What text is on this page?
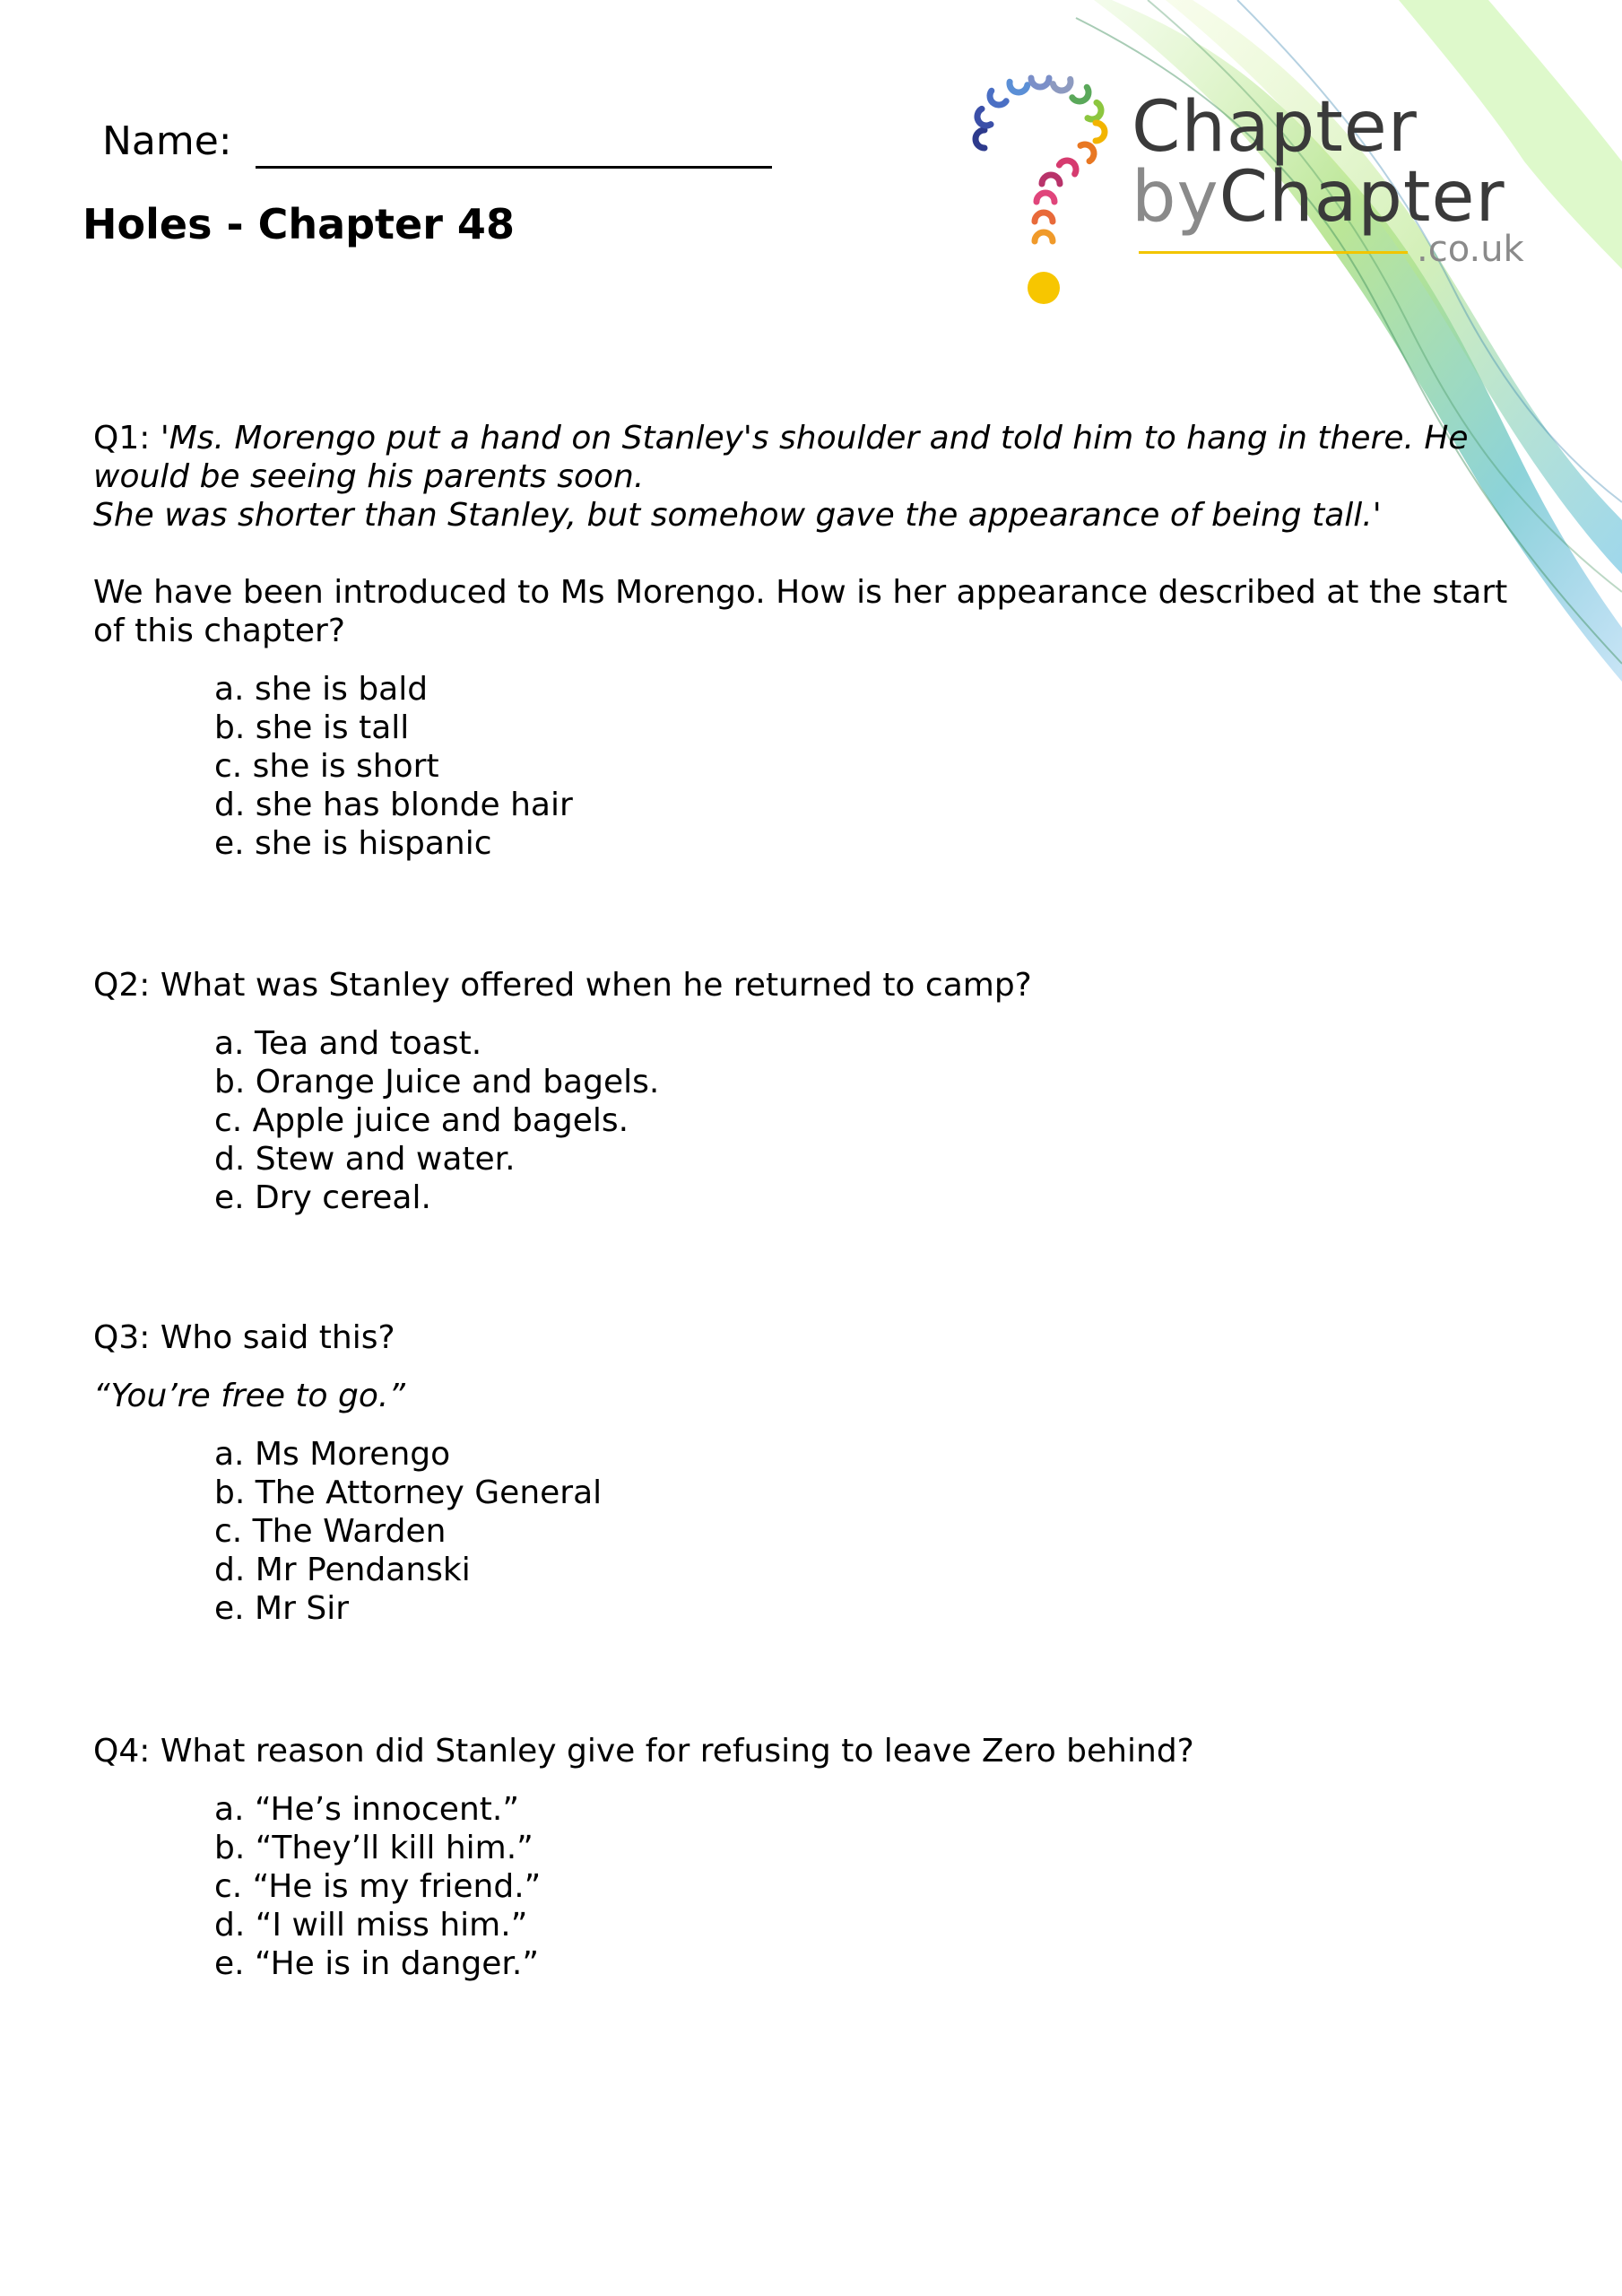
Name:
Holes - Chapter 48
Chapter
byChapter
.co.uk

Q1: 'Ms. Morengo put a hand on Stanley's shoulder and told him to hang in there. He

would be seeing his parents soon.

She was shorter than Stanley, but somehow gave the appearance of being tall.'

We have been introduced to Ms Morengo. How is her appearance described at the start

of this chapter?

a. she is bald
b. she is tall
c. she is short
d. she has blonde hair
e. she is hispanic

Q2: What was Stanley offered when he returned to camp?

a. Tea and toast.
b. Orange Juice and bagels.
c. Apple juice and bagels.
d. Stew and water.
e. Dry cereal.

Q3: Who said this?

“You’re free to go.”

a. Ms Morengo
b. The Attorney General
c. The Warden
d. Mr Pendanski
e. Mr Sir

Q4: What reason did Stanley give for refusing to leave Zero behind?

a. “He’s innocent.”
b. “They’ll kill him.”
c. “He is my friend.”
d. “I will miss him.”
e. “He is in danger.”
